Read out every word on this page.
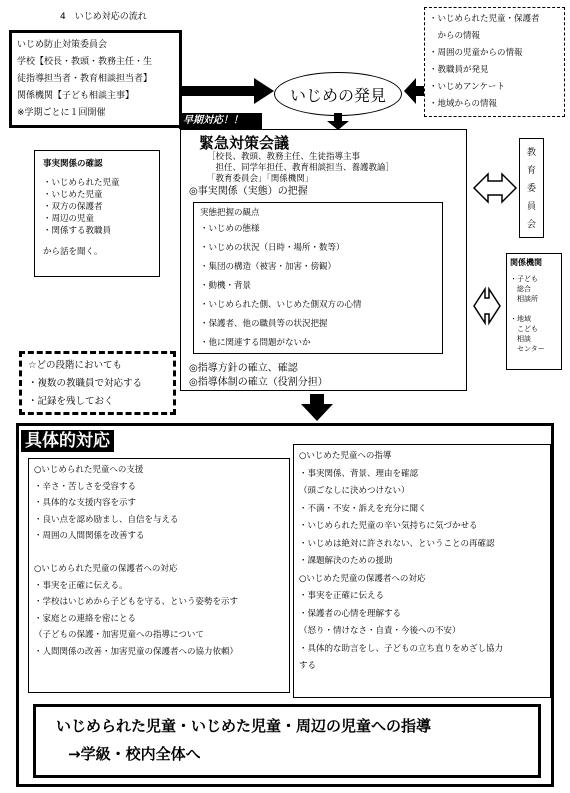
4　いじめ対応の流れ
いじめ防止対策委員会
学校【校長・教頭・教務主任・生
徒指導担当者・教育相談担当者】
関係機関【子ども相談主事】
※学期ごとに１回開催
・いじめられた児童・保護者
　からの情報
・周囲の児童からの情報
・教職員が発見
・いじめアンケート
・地域からの情報
いじめの発見
早期対応！！
事実関係の確認
・いじめられた児童
・いじめた児童
・双方の保護者
・周辺の児童
・関係する教職員
から話を聞く。
緊急対策会議
［校長、教頭、教務主任、生徒指導主事
　担任、同学年担任、教育相談担当、養護教諭］
「教育委員会」「関係機関」
◎事実関係（実態）の把握
実態把握の観点
・いじめの態様
・いじめの状況（日時・場所・数等）
・集団の構造（被害・加害・傍観）
・動機・背景
・いじめられた側、いじめた側双方の心情
・保護者、他の職員等の状況把握
・他に関連する問題がないか
◎指導方針の確立、確認
◎指導体制の確立（役割分担）
教
育
委
員
会
関係機関
・子ども
　総合
　相談所

・地域
　こども
　相談
　センター
☆どの段階においても
・複数の教職員で対応する
・記録を残しておく
具体的対応
○いじめられた児童への支援
・辛さ・苦しさを受容する
・具体的な支援内容を示す
・良い点を認め励まし、自信を与える
・周囲の人間関係を改善する

○いじめられた児童の保護者への対応
・事実を正確に伝える。
・学校はいじめから子どもを守る、という姿勢を示す
・家庭との連絡を密にとる
（子どもの保護・加害児童への指導について
・人間関係の改善・加害児童の保護者への協力依頼）
○いじめた児童への指導
・事実関係、背景、理由を確認
（頭ごなしに決めつけない）
・不満・不安・訴えを充分に聞く
・いじめられた児童の辛い気持ちに気づかせる
・いじめは絶対に許されない、ということの再確認
・課題解決のための援助
○いじめた児童の保護者への対応
・事実を正確に伝える
・保護者の心情を理解する
（怒り・情けなさ・自責・今後への不安）
・具体的な助言をし、子どもの立ち直りをめざし協力
する
いじめられた児童・いじめた児童・周辺の児童への指導
→学級・校内全体へ
